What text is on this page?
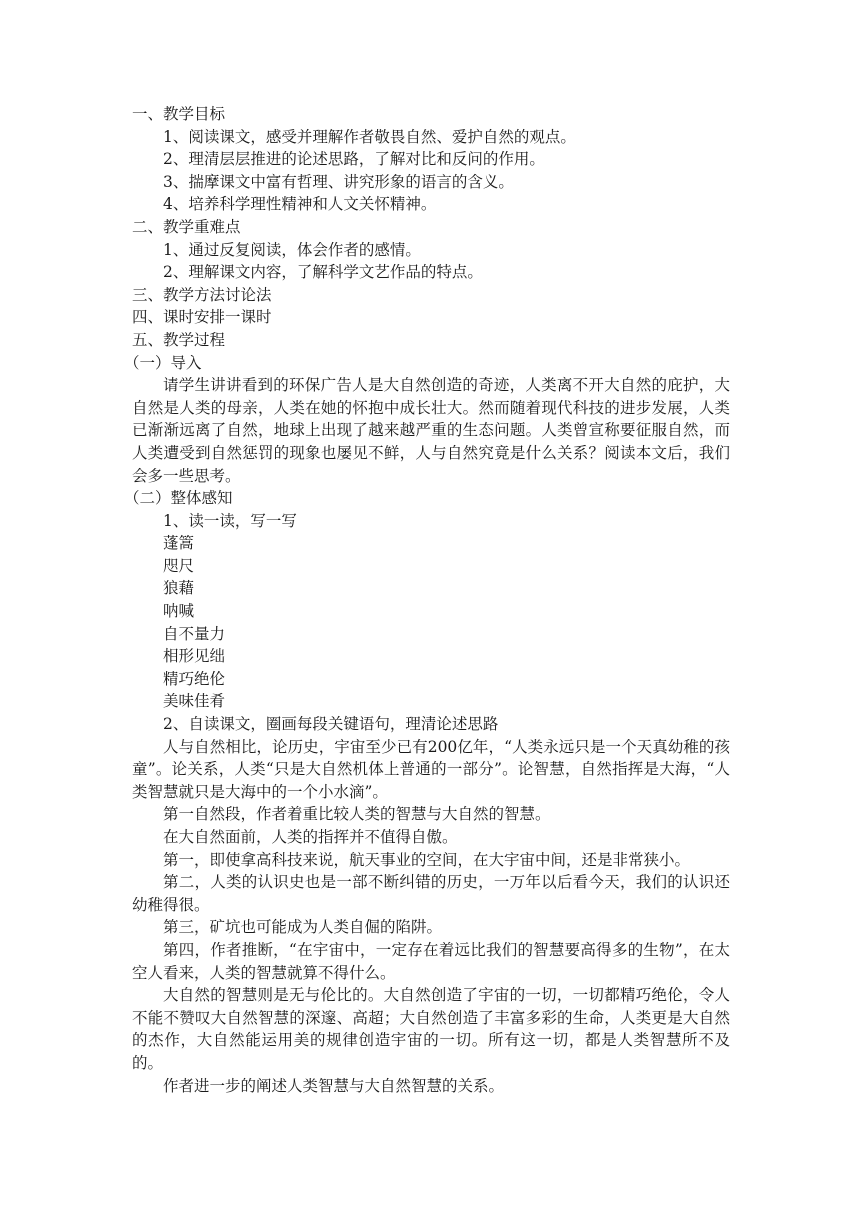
一、教学目标

1、阅读课文，感受并理解作者敬畏自然、爱护自然的观点。

2、理清层层推进的论述思路，了解对比和反问的作用。

3、揣摩课文中富有哲理、讲究形象的语言的含义。

4、培养科学理性精神和人文关怀精神。

二、教学重难点

1、通过反复阅读，体会作者的感情。

2、理解课文内容，了解科学文艺作品的特点。

三、教学方法讨论法

四、课时安排一课时

五、教学过程

（一）导入

请学生讲讲看到的环保广告人是大自然创造的奇迹，人类离不开大自然的庇护，大自然是人类的母亲，人类在她的怀抱中成长壮大。然而随着现代科技的进步发展，人类已渐渐远离了自然，地球上出现了越来越严重的生态问题。人类曾宣称要征服自然，而人类遭受到自然惩罚的现象也屡见不鲜，人与自然究竟是什么关系？阅读本文后，我们会多一些思考。

（二）整体感知

1、读一读，写一写

蓬篙

咫尺

狼藉

呐喊

自不量力

相形见绌

精巧绝伦

美味佳肴

2、自读课文，圈画每段关键语句，理清论述思路

人与自然相比，论历史，宇宙至少已有200亿年，“人类永远只是一个天真幼稚的孩童”。论关系，人类“只是大自然机体上普通的一部分”。论智慧，自然指挥是大海，“人类智慧就只是大海中的一个小水滴”。

第一自然段，作者着重比较人类的智慧与大自然的智慧。

在大自然面前，人类的指挥并不值得自傲。

第一，即使拿高科技来说，航天事业的空间，在大宇宙中间，还是非常狭小。

第二，人类的认识史也是一部不断纠错的历史，一万年以后看今天，我们的认识还幼稚得很。

第三，矿坑也可能成为人类自倔的陷阱。

第四，作者推断，“在宇宙中，一定存在着远比我们的智慧要高得多的生物”，在太空人看来，人类的智慧就算不得什么。

大自然的智慧则是无与伦比的。大自然创造了宇宙的一切，一切都精巧绝伦，令人不能不赞叹大自然智慧的深邃、高超；大自然创造了丰富多彩的生命，人类更是大自然的杰作，大自然能运用美的规律创造宇宙的一切。所有这一切，都是人类智慧所不及的。

作者进一步的阐述人类智慧与大自然智慧的关系。
